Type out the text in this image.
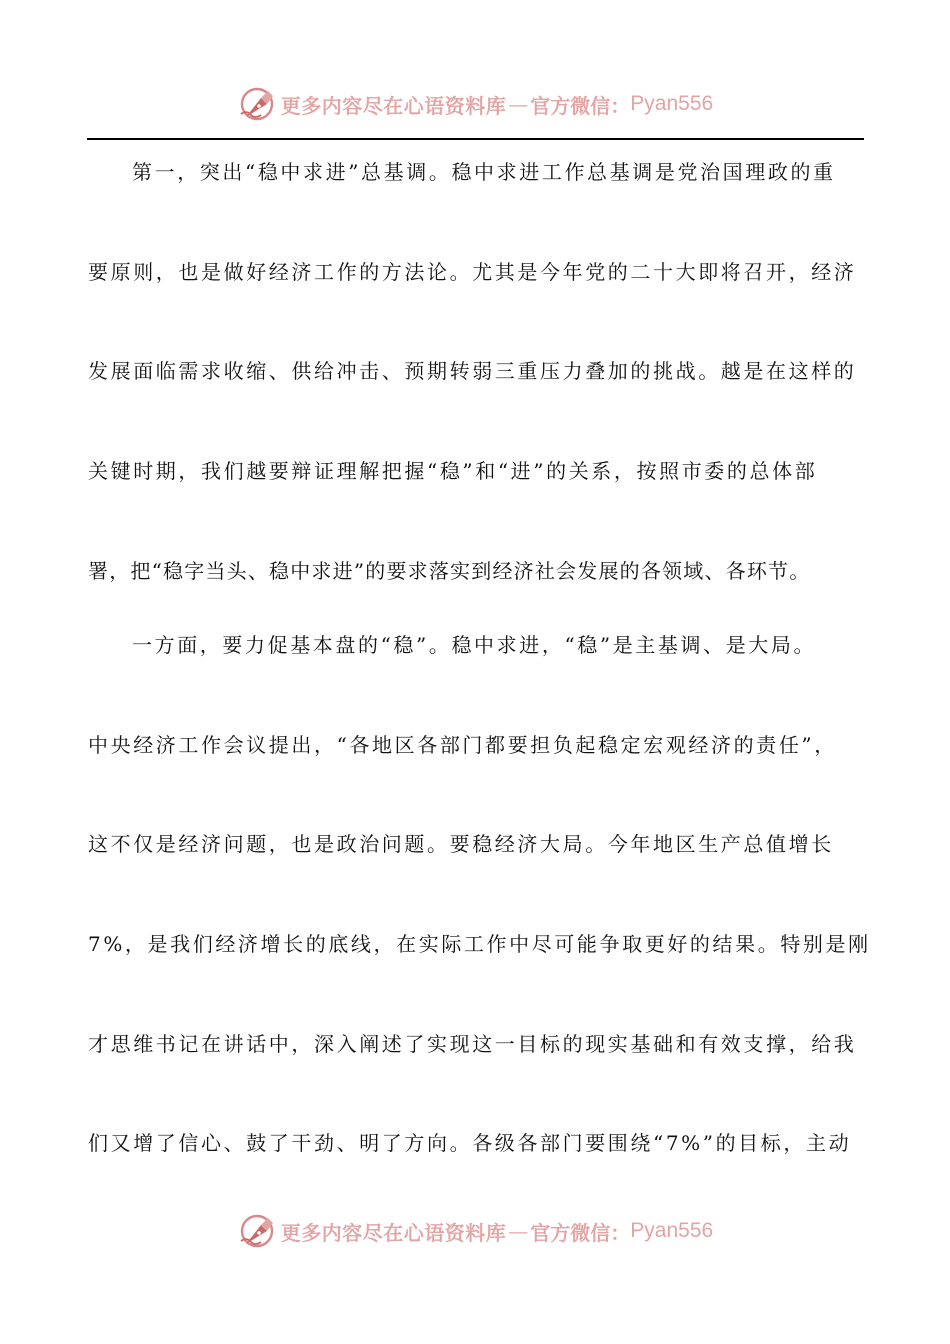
更多内容尽在心语资料库 — 官方微信： Pyan556
第一，突出“稳中求进”总基调。稳中求进工作总基调是党治国理政的重
要原则，也是做好经济工作的方法论。尤其是今年党的二十大即将召开，经济
发展面临需求收缩、供给冲击、预期转弱三重压力叠加的挑战。越是在这样的
关键时期，我们越要辩证理解把握“稳”和“进”的关系，按照市委的总体部
署，把“稳字当头、稳中求进”的要求落实到经济社会发展的各领域、各环节。
一方面，要力促基本盘的“稳”。稳中求进，“稳”是主基调、是大局。
中央经济工作会议提出，“各地区各部门都要担负起稳定宏观经济的责任”，
这不仅是经济问题，也是政治问题。要稳经济大局。今年地区生产总值增长
7%，是我们经济增长的底线，在实际工作中尽可能争取更好的结果。特别是刚
才思维书记在讲话中，深入阐述了实现这一目标的现实基础和有效支撑，给我
们又增了信心、鼓了干劲、明了方向。各级各部门要围绕“7%”的目标，主动
更多内容尽在心语资料库 — 官方微信： Pyan556
